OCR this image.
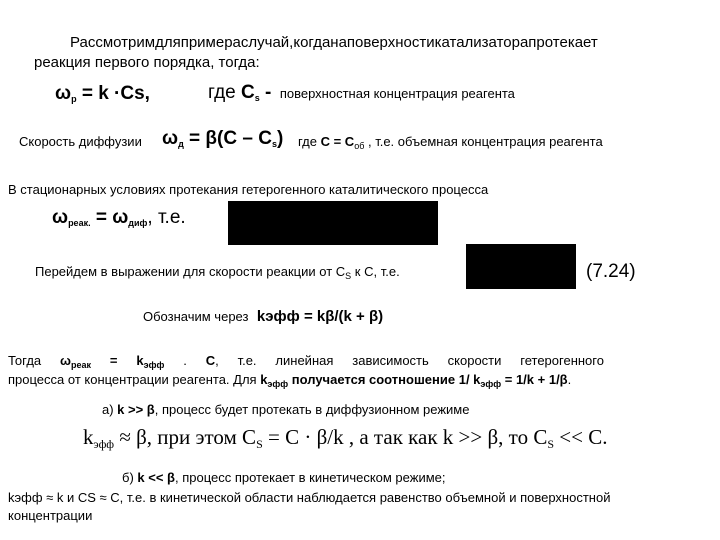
Рассмотримдляпримераслучай,когданаповерхностикатализаторапротекает
реакция первого порядка, тогда:
$\omega_р = k \cdot Cs$,	где $C_s$ - поверхностная концентрация реагента
Скорость диффузии $\omega_д = \beta(C - C_s)$ где $С = C_{об}$ , т.е. объемная концентрация реагента
В стационарных условиях протекания гетерогенного каталитического процесса
$\omega_{реак.} = \omega_{диф}$, т.е.
Перейдем в выражении для скорости реакции от $C_S$ к С, т.е.	(7.24)
Обозначим через kэфф = kβ/(k + β)
Тогда $\omega_{реак} = k_{эфф}$ . С, т.е. линейная зависимость скорости гетерогенного
процесса от концентрации реагента. Для $k_{эфф}$ получается соотношение 1/ $k_{эфф} = 1/k + 1/\beta$.
а) k >> β, процесс будет протекать в диффузионном режиме
kэфф ≈ β, при этом CS = C · β/k , а так как k >> β, то CS << C.
б) k << β, процесс протекает в кинетическом режиме;
kэфф ≈ k и CS ≈ С, т.е. в кинетической области наблюдается равенство объемной и поверхностной
концентрации
